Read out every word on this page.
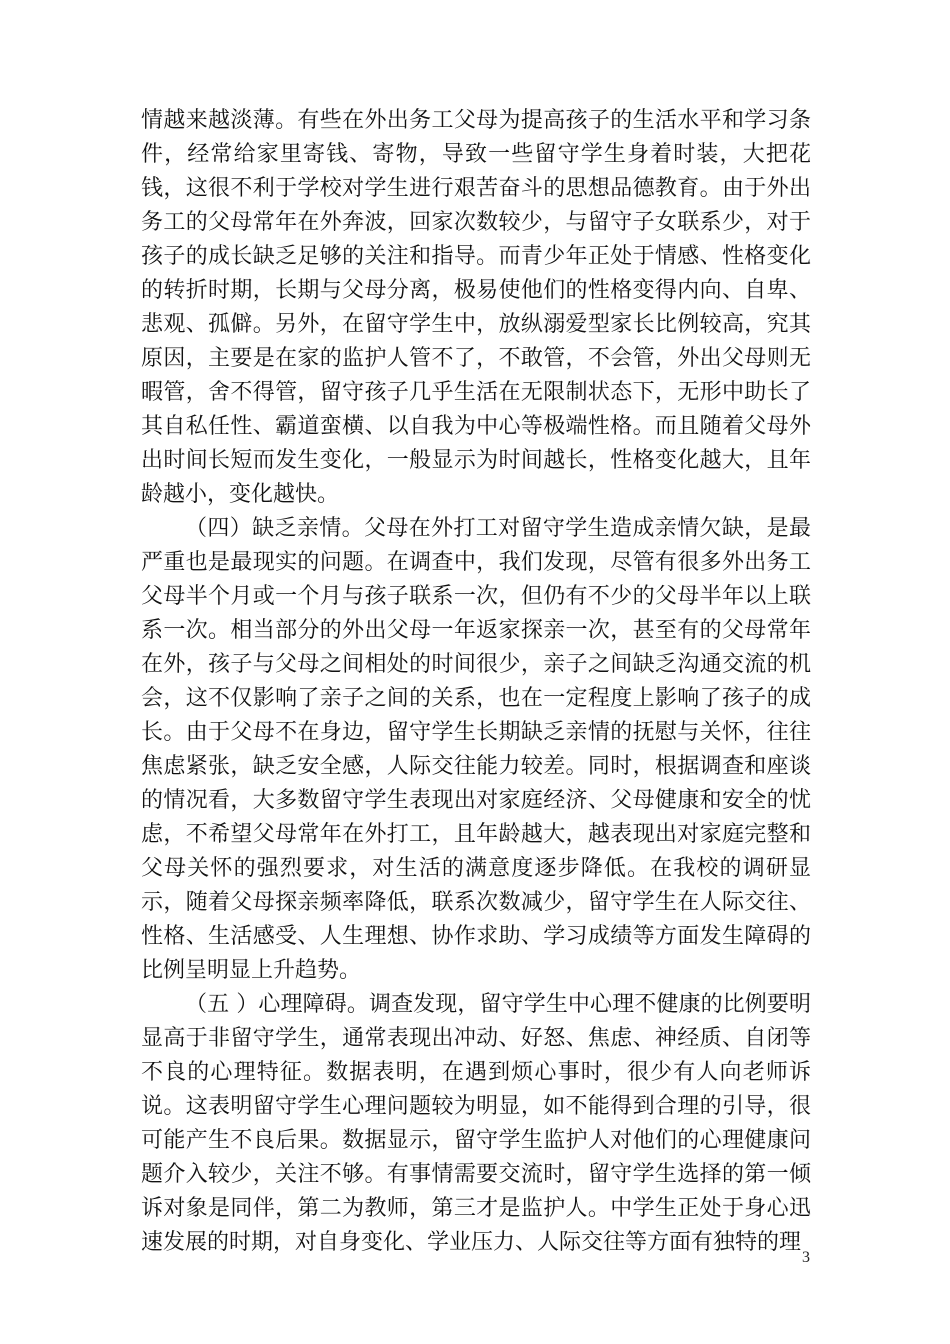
情越来越淡薄。有些在外出务工父母为提高孩子的生活水平和学习条件，经常给家里寄钱、寄物，导致一些留守学生身着时装，大把花钱，这很不利于学校对学生进行艰苦奋斗的思想品德教育。由于外出务工的父母常年在外奔波，回家次数较少，与留守子女联系少，对于孩子的成长缺乏足够的关注和指导。而青少年正处于情感、性格变化的转折时期，长期与父母分离，极易使他们的性格变得内向、自卑、悲观、孤僻。另外，在留守学生中，放纵溺爱型家长比例较高，究其原因，主要是在家的监护人管不了，不敢管，不会管，外出父母则无暇管，舍不得管，留守孩子几乎生活在无限制状态下，无形中助长了其自私任性、霸道蛮横、以自我为中心等极端性格。而且随着父母外出时间长短而发生变化，一般显示为时间越长，性格变化越大，且年龄越小，变化越快。

（四）缺乏亲情。父母在外打工对留守学生造成亲情欠缺，是最严重也是最现实的问题。在调查中，我们发现，尽管有很多外出务工父母半个月或一个月与孩子联系一次，但仍有不少的父母半年以上联系一次。相当部分的外出父母一年返家探亲一次，甚至有的父母常年在外，孩子与父母之间相处的时间很少，亲子之间缺乏沟通交流的机会，这不仅影响了亲子之间的关系，也在一定程度上影响了孩子的成长。由于父母不在身边，留守学生长期缺乏亲情的抚慰与关怀，往往焦虑紧张，缺乏安全感，人际交往能力较差。同时，根据调查和座谈的情况看，大多数留守学生表现出对家庭经济、父母健康和安全的忧虑，不希望父母常年在外打工，且年龄越大，越表现出对家庭完整和父母关怀的强烈要求，对生活的满意度逐步降低。在我校的调研显示，随着父母探亲频率降低，联系次数减少，留守学生在人际交往、性格、生活感受、人生理想、协作求助、学习成绩等方面发生障碍的比例呈明显上升趋势。

（五 ）心理障碍。调查发现，留守学生中心理不健康的比例要明显高于非留守学生，通常表现出冲动、好怒、焦虑、神经质、自闭等不良的心理特征。数据表明，在遇到烦心事时，很少有人向老师诉说。这表明留守学生心理问题较为明显，如不能得到合理的引导，很可能产生不良后果。数据显示，留守学生监护人对他们的心理健康问题介入较少，关注不够。有事情需要交流时，留守学生选择的第一倾诉对象是同伴，第二为教师，第三才是监护人。中学生正处于身心迅速发展的时期，对自身变化、学业压力、人际交往等方面有独特的理

3
